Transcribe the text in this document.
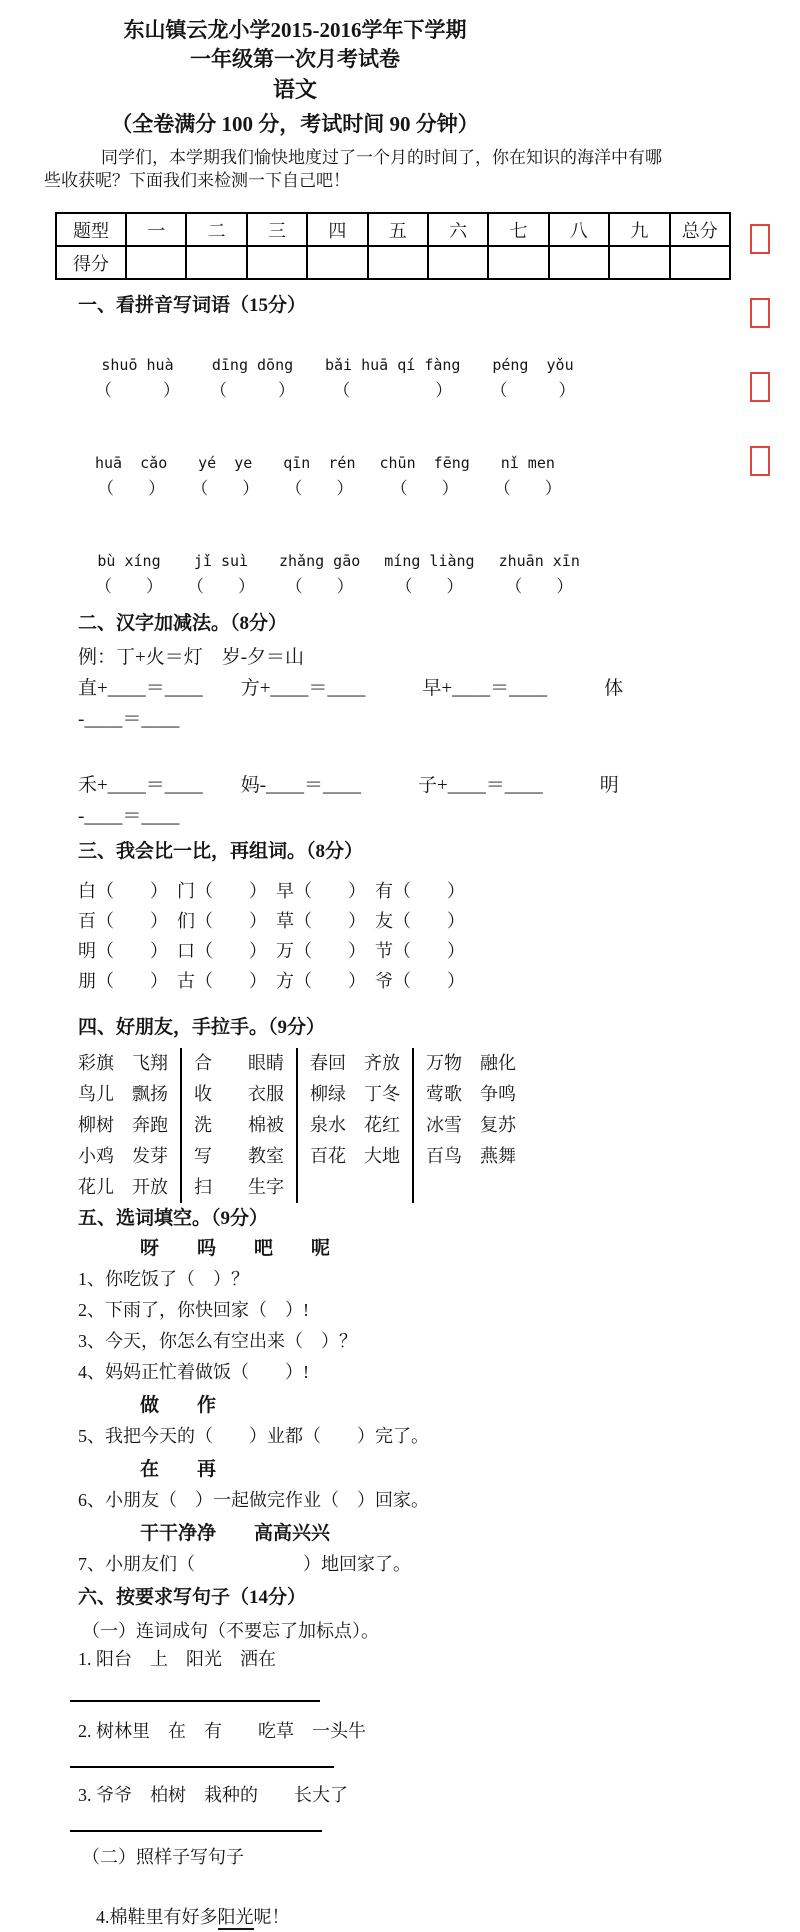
东山镇云龙小学2015-2016学年下学期
一年级第一次月考试卷
语文
（全卷满分 100 分，考试时间 90 分钟）
同学们，本学期我们愉快地度过了一个月的时间了，你在知识的海洋中有哪
些收获呢？下面我们来检测一下自己吧！
题型	一	二	三	四	五	六	七	八	九	总分
得分										
一、看拼音写词语（15分）
shuō huà
（　　　）
dīng dōng
（　　　）
bǎi huā qí fàng
（　　　　　）
péng  yǒu
（　　　）
huā  cǎo
（　　）
yé  ye
（　　）
qīn  rén
（　　）
chūn  fēng
（　　）
nǐ men
（　　）
bù xíng
（　　）
jǐ suì
（　　）
zhǎng gāo
（　　）
míng liàng
（　　）
zhuān xīn
（　　）
二、汉字加减法。（8分）
例：丁+火＝灯　岁-夕＝山
直+____＝____　　方+____＝____　　　早+____＝____　　　体
-____＝____
禾+____＝____　　妈-____＝____　　　子+____＝____　　　明
-____＝____
三、我会比一比，再组词。（8分）
白（　　）　门（　　）　早（　　）　有（　　）
百（　　）　们（　　）　草（　　）　友（　　）
明（　　）　口（　　）　万（　　）　节（　　）
朋（　　）　古（　　）　方（　　）　爷（　　）
四、好朋友，手拉手。（9分）
彩旗　飞翔
鸟儿　飘扬
柳树　奔跑
小鸡　发芽
花儿　开放
合　　眼睛
收　　衣服
洗　　棉被
写　　教室
扫　　生字
春回　齐放
柳绿　丁冬
泉水　花红
百花　大地
万物　融化
莺歌　争鸣
冰雪　复苏
百鸟　燕舞
五、选词填空。（9分）
呀　　吗　　吧　　呢
1、你吃饭了（　）？
2、下雨了，你快回家（　）!
3、今天，你怎么有空出来（　）？
4、妈妈正忙着做饭（　　）!
做　　作
5、我把今天的（　　）业都（　　）完了。
在　　再
6、小朋友（　）一起做完作业（　）回家。
干干净净　　高高兴兴
7、小朋友们（　　　　　　）地回家了。
六、按要求写句子（14分）
（一）连词成句（不要忘了加标点）。
1. 阳台　上　阳光　洒在
2. 树林里　在　有　　吃草　一头牛
3. 爷爷　柏树　栽种的　　长大了
（二）照样子写句子

4.棉鞋里有好多阳光呢！
